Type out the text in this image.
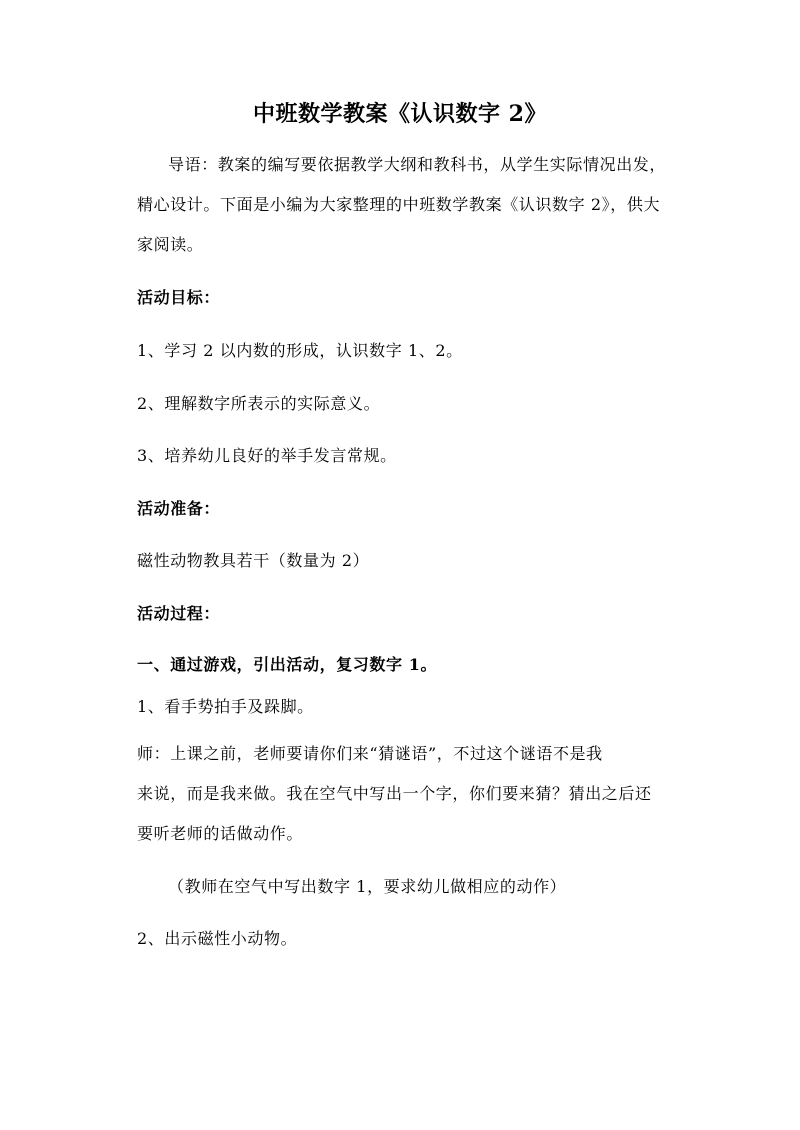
中班数学教案《认识数字 2》
导语：教案的编写要依据教学大纲和教科书，从学生实际情况出发，
精心设计。下面是小编为大家整理的中班数学教案《认识数字 2》，供大
家阅读。
活动目标：
1、学习 2 以内数的形成，认识数字 1、2。
2、理解数字所表示的实际意义。
3、培养幼儿良好的举手发言常规。
活动准备：
磁性动物教具若干（数量为 2）
活动过程：
一、通过游戏，引出活动，复习数字 1。
1、看手势拍手及跺脚。
师：上课之前，老师要请你们来“猜谜语”，不过这个谜语不是我
来说，而是我来做。我在空气中写出一个字，你们要来猜？猜出之后还
要听老师的话做动作。
（教师在空气中写出数字 1，要求幼儿做相应的动作）
2、出示磁性小动物。
